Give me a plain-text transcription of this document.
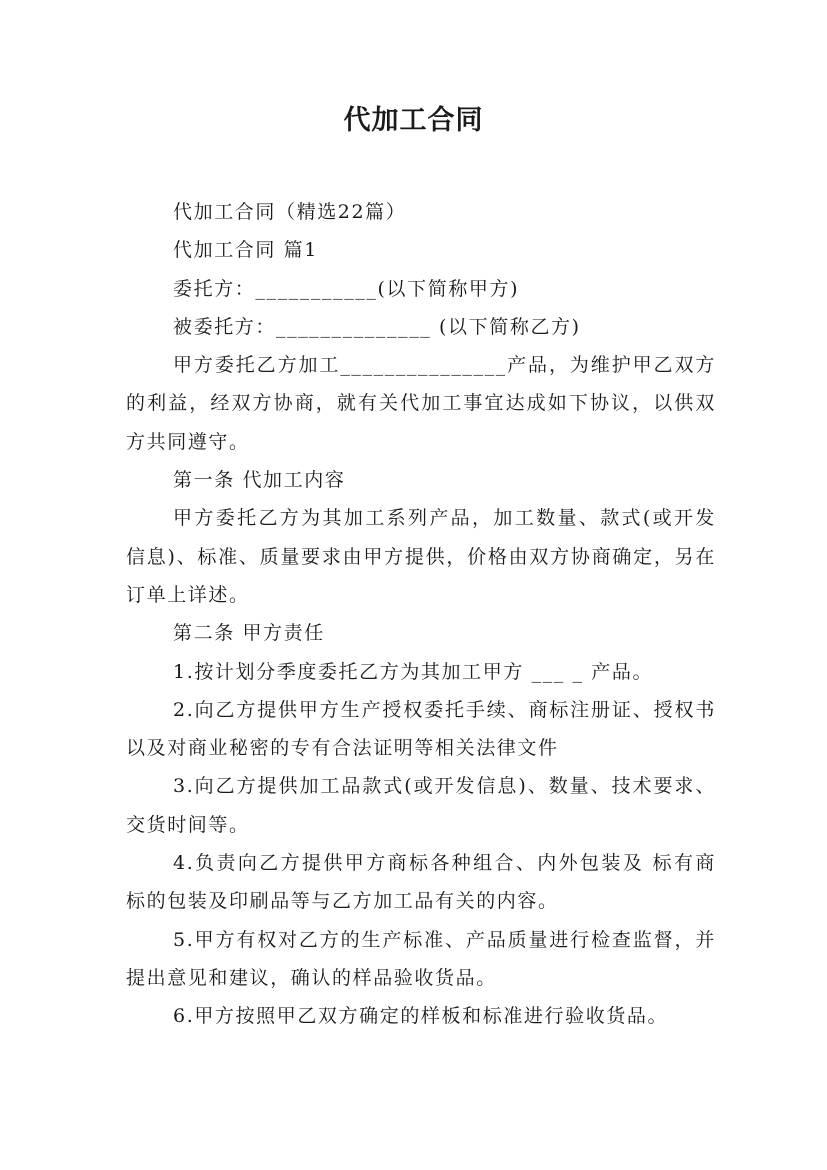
代加工合同

代加工合同（精选22篇）

代加工合同 篇1

委托方：___________(以下简称甲方)

被委托方：______________ (以下简称乙方)

甲方委托乙方加工_______________产品，为维护甲乙双方的利益，经双方协商，就有关代加工事宜达成如下协议，以供双方共同遵守。

第一条 代加工内容

甲方委托乙方为其加工系列产品，加工数量、款式(或开发信息)、标准、质量要求由甲方提供，价格由双方协商确定，另在订单上详述。

第二条 甲方责任

1.按计划分季度委托乙方为其加工甲方 ___ _ 产品。

2.向乙方提供甲方生产授权委托手续、商标注册证、授权书以及对商业秘密的专有合法证明等相关法律文件

3.向乙方提供加工品款式(或开发信息)、数量、技术要求、交货时间等。

4.负责向乙方提供甲方商标各种组合、内外包装及 标有商标的包装及印刷品等与乙方加工品有关的内容。

5.甲方有权对乙方的生产标准、产品质量进行检查监督，并提出意见和建议，确认的样品验收货品。

6.甲方按照甲乙双方确定的样板和标准进行验收货品。
